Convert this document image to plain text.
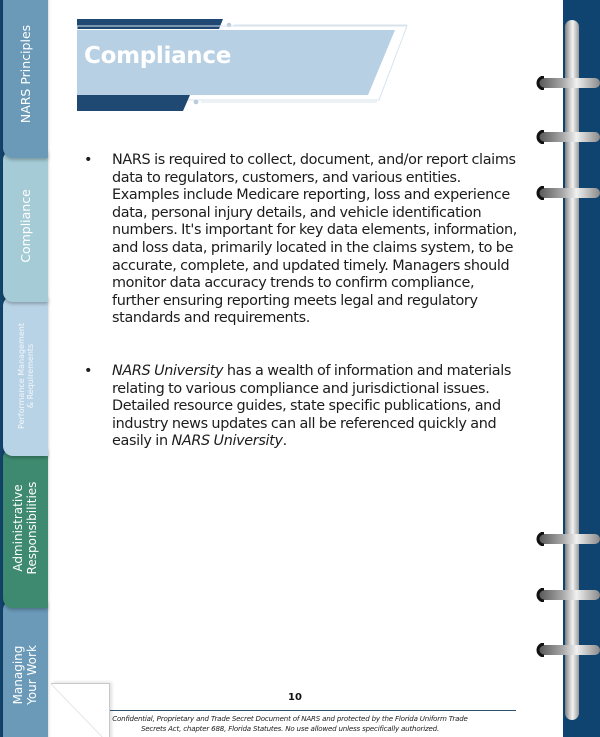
NARS Principles
Compliance
Performance Management
& Requirements
Administrative
Responsibilities
Managing
Your Work
Compliance
• NARS is required to collect, document, and/or report claims data to regulators, customers, and various entities. Examples include Medicare reporting, loss and experience data, personal injury details, and vehicle identification numbers. It's important for key data elements, information, and loss data, primarily located in the claims system, to be accurate, complete, and updated timely. Managers should monitor data accuracy trends to confirm compliance, further ensuring reporting meets legal and regulatory standards and requirements.

• NARS University has a wealth of information and materials relating to various compliance and jurisdictional issues. Detailed resource guides, state specific publications, and industry news updates can all be referenced quickly and easily in NARS University.

10
Confidential, Proprietary and Trade Secret Document of NARS and protected by the Florida Uniform Trade
Secrets Act, chapter 688, Florida Statutes. No use allowed unless specifically authorized.
